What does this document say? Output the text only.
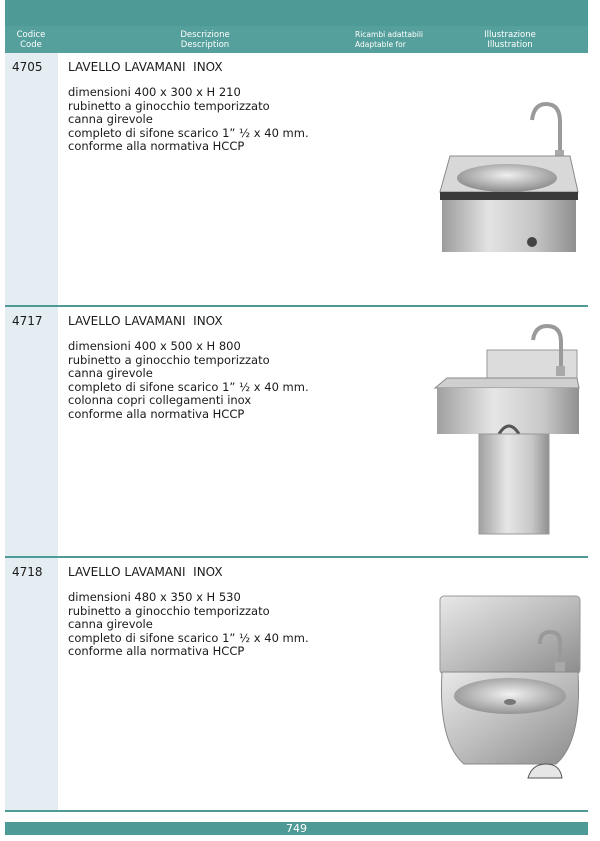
Codice
Code
Descrizione
Description
Ricambi adattabili
Adaptable for
Illustrazione
Illustration
4705 LAVELLO LAVAMANI  INOX
dimensioni 400 x 300 x H 210
rubinetto a ginocchio temporizzato
canna girevole
completo di sifone scarico 1” ½ x 40 mm.
conforme alla normativa HCCP
4717 LAVELLO LAVAMANI  INOX
dimensioni 400 x 500 x H 800
rubinetto a ginocchio temporizzato
canna girevole
completo di sifone scarico 1” ½ x 40 mm.
colonna copri collegamenti inox
conforme alla normativa HCCP
4718 LAVELLO LAVAMANI  INOX
dimensioni 480 x 350 x H 530
rubinetto a ginocchio temporizzato
canna girevole
completo di sifone scarico 1” ½ x 40 mm.
conforme alla normativa HCCP
749
